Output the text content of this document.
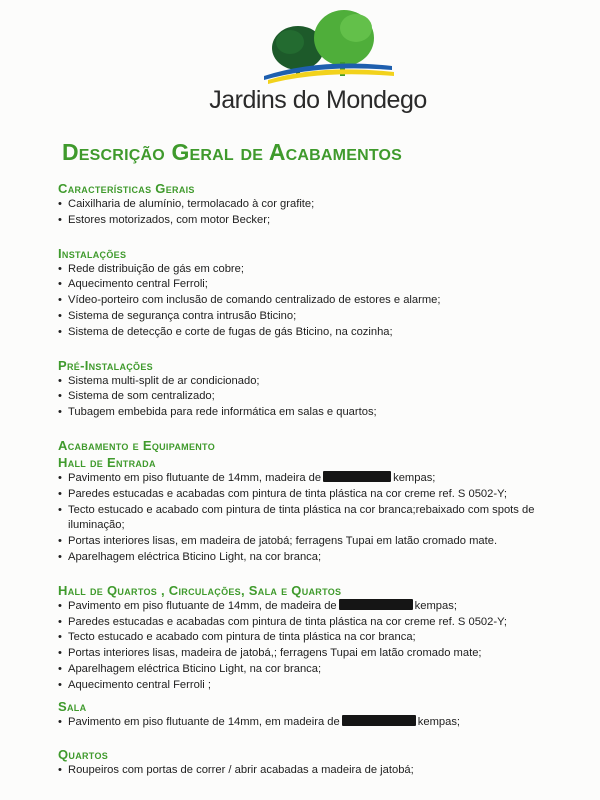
Jardins do Mondego
Descrição Geral de Acabamentos
Características Gerais
• Caixilharia de alumínio, termolacado à cor grafite;
• Estores motorizados, com motor Becker;
Instalações
• Rede distribuição de gás em cobre;
• Aquecimento central Ferroli;
• Vídeo-porteiro com inclusão de comando centralizado de estores e alarme;
• Sistema de segurança contra intrusão Bticino;
• Sistema de detecção e corte de fugas de gás Bticino, na cozinha;
Pré-Instalações
• Sistema multi-split de ar condicionado;
• Sistema de som centralizado;
• Tubagem embebida para rede informática em salas e quartos;
Acabamento e Equipamento
Hall de Entrada
• Pavimento em piso flutuante de 14mm, madeira de	kempas;
• Paredes estucadas e acabadas com pintura de tinta plástica na cor creme ref. S 0502-Y;
• Tecto estucado e acabado com pintura de tinta plástica na cor branca;rebaixado com spots de iluminação;
• Portas interiores lisas, em madeira de jatobá; ferragens Tupai em latão cromado mate.
• Aparelhagem eléctrica Bticino Light, na cor branca;
Hall de Quartos , Circulações, Sala e Quartos
• Pavimento em piso flutuante de 14mm, de madeira de	kempas;
• Paredes estucadas e acabadas com pintura de tinta plástica na cor creme ref. S 0502-Y;
• Tecto estucado e acabado com pintura de tinta plástica na cor branca;
• Portas interiores lisas, madeira de jatobá,; ferragens Tupai em latão cromado mate;
• Aparelhagem eléctrica Bticino Light, na cor branca;
• Aquecimento central Ferroli ;
Sala
• Pavimento em piso flutuante de 14mm, em madeira de	kempas;
Quartos
• Roupeiros com portas de correr / abrir acabadas a madeira de jatobá;
